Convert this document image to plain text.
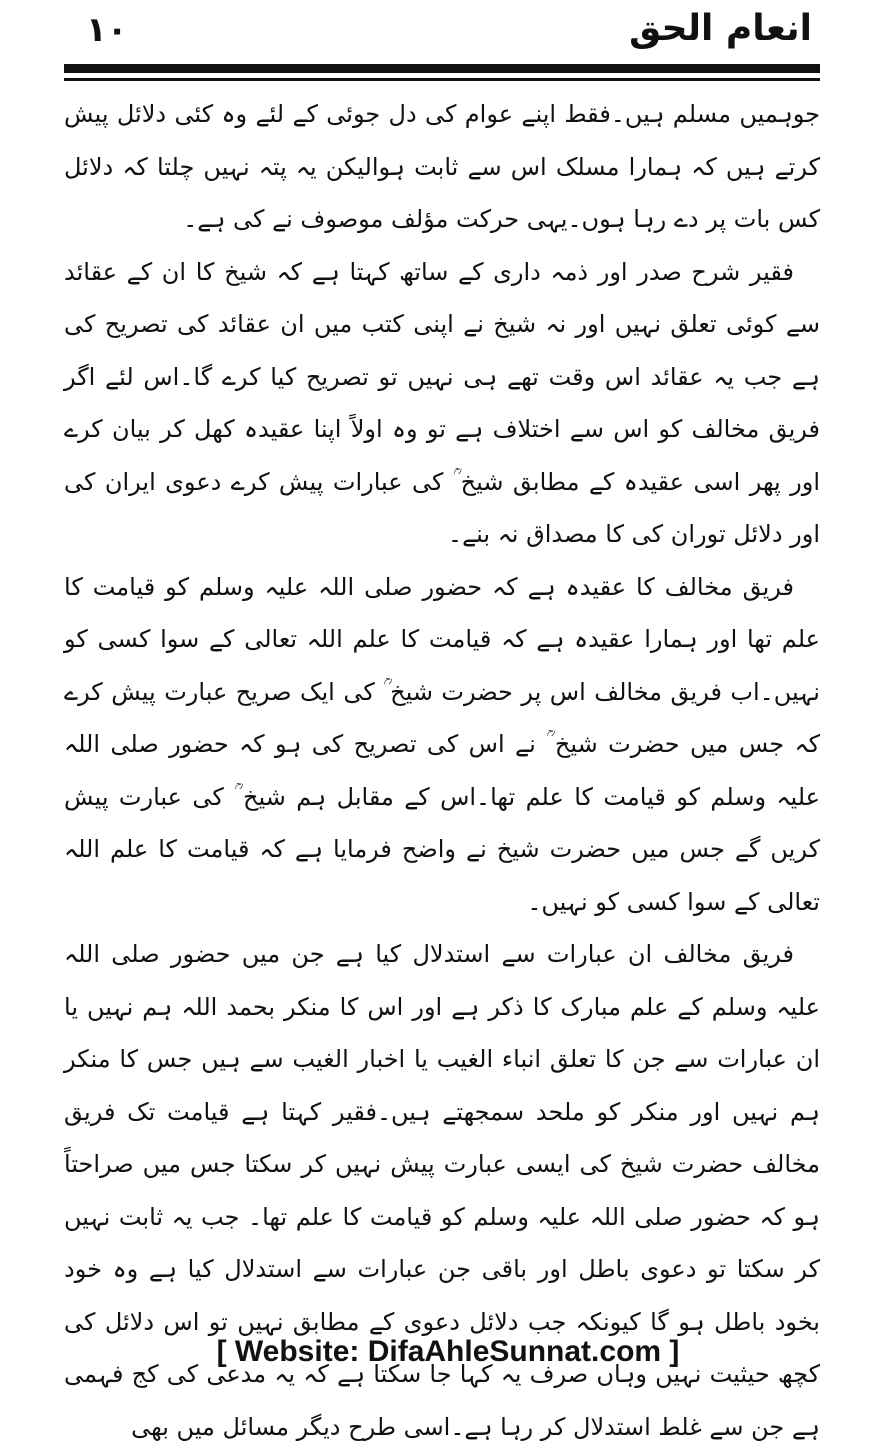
۱۰	انعام الحق

جوہمیں مسلم ہیں۔فقط اپنے عوام کی دل جوئی کے لئے وہ کئی دلائل پیش کرتے ہیں کہ ہمارا مسلک اس سے ثابت ہوالیکن یہ پتہ نہیں چلتا کہ دلائل کس بات پر دے رہا ہوں۔یہی حرکت مؤلف موصوف نے کی ہے۔

فقیر شرح صدر اور ذمہ داری کے ساتھ کہتا ہے کہ شیخ کا ان کے عقائد سے کوئی تعلق نہیں اور نہ شیخ نے اپنی کتب میں ان عقائد کی تصریح کی ہے جب یہ عقائد اس وقت تھے ہی نہیں تو تصریح کیا کرے گا۔اس لئے اگر فریق مخالف کو اس سے اختلاف ہے تو وہ اولاً اپنا عقیدہ کھل کر بیان کرے اور پھر اسی عقیدہ کے مطابق شیخ ؒ کی عبارات پیش کرے دعوی ایران کی اور دلائل توران کی کا مصداق نہ بنے۔

فریق مخالف کا عقیدہ ہے کہ حضور صلی اللہ علیہ وسلم کو قیامت کا علم تھا اور ہمارا عقیدہ ہے کہ قیامت کا علم اللہ تعالی کے سوا کسی کو نہیں۔اب فریق مخالف اس پر حضرت شیخ ؒ کی ایک صریح عبارت پیش کرے کہ جس میں حضرت شیخ ؒ نے اس کی تصریح کی ہو کہ حضور صلی اللہ علیہ وسلم کو قیامت کا علم تھا۔اس کے مقابل ہم شیخ ؒ کی عبارت پیش کریں گے جس میں حضرت شیخ نے واضح فرمایا ہے کہ قیامت کا علم اللہ تعالی کے سوا کسی کو نہیں۔

فریق مخالف ان عبارات سے استدلال کیا ہے جن میں حضور صلی اللہ علیہ وسلم کے علم مبارک کا ذکر ہے اور اس کا منکر بحمد اللہ ہم نہیں یا ان عبارات سے جن کا تعلق انباء الغیب یا اخبار الغیب سے ہیں جس کا منکر ہم نہیں اور منکر کو ملحد سمجھتے ہیں۔فقیر کہتا ہے قیامت تک فریق مخالف حضرت شیخ کی ایسی عبارت پیش نہیں کر سکتا جس میں صراحتاً ہو کہ حضور صلی اللہ علیہ وسلم کو قیامت کا علم تھا۔ جب یہ ثابت نہیں کر سکتا تو دعوی باطل اور باقی جن عبارات سے استدلال کیا ہے وہ خود بخود باطل ہو گا کیونکہ جب دلائل دعوی کے مطابق نہیں تو اس دلائل کی کچھ حیثیت نہیں وہاں صرف یہ کہا جا سکتا ہے کہ یہ مدعی کی کج فہمی ہے جن سے غلط استدلال کر رہا ہے۔اسی طرح دیگر مسائل میں بھی

[ Website: DifaAhleSunnat.com ]
